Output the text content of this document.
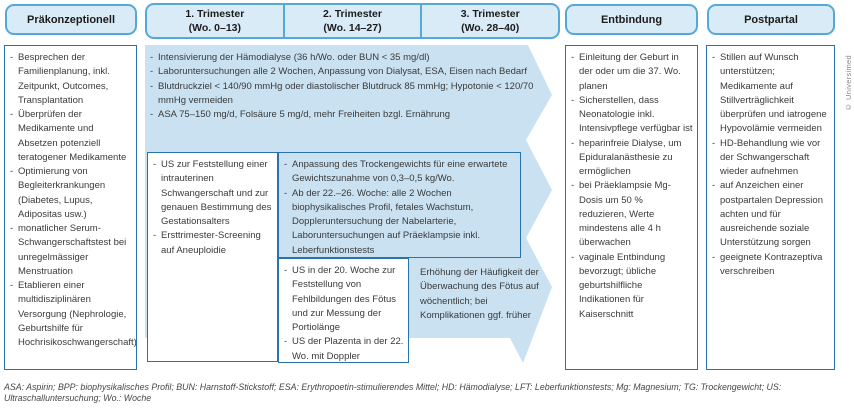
Präkonzeptionell	1. Trimester
(Wo. 0–13)
2. Trimester
(Wo. 14–27)
3. Trimester
(Wo. 28–40)
Entbindung	Postpartal
- Besprechen der Familienplanung, inkl. Zeitpunkt, Outcomes, Transplantation
- Überprüfen der Medikamente und Absetzen potenziell teratogener Medikamente
- Optimierung von Begleiterkrankungen (Diabetes, Lupus, Adipositas usw.)
- monatlicher Serum-Schwangerschaftstest bei unregelmässiger Menstruation
- Etablieren einer multidisziplinären Versorgung (Nephrologie, Geburtshilfe für Hochrisikoschwangerschaft)
- Intensivierung der Hämodialyse (36 h/Wo. oder BUN < 35 mg/dl)
- Laboruntersuchungen alle 2 Wochen, Anpassung von Dialysat, ESA, Eisen nach Bedarf
- Blutdruckziel < 140/90 mmHg oder diastolischer Blutdruck 85 mmHg; Hypotonie < 120/70 mmHg vermeiden
- ASA 75–150 mg/d, Folsäure 5 mg/d, mehr Freiheiten bzgl. Ernährung
- US zur Feststellung einer intrauterinen Schwangerschaft und zur genauen Bestimmung des Gestationsalters
- Ersttrimester-Screening auf Aneuploidie
- Anpassung des Trockengewichts für eine erwartete Gewichtszunahme von 0,3–0,5 kg/Wo.
- Ab der 22.–26. Woche: alle 2 Wochen biophysikalisches Profil, fetales Wachstum, Doppleruntersuchung der Nabelarterie, Laboruntersuchungen auf Präeklampsie inkl. Leberfunktionstests
- US in der 20. Woche zur Feststellung von Fehlbildungen des Fötus und zur Messung der Portiolänge
- US der Plazenta in der 22. Wo. mit Doppler
Erhöhung der Häufigkeit der Überwachung des Fötus auf wöchentlich; bei Komplikationen ggf. früher
- Einleitung der Geburt in der oder um die 37. Wo. planen
- Sicherstellen, dass Neonatologie inkl. Intensivpflege verfügbar ist
- heparinfreie Dialyse, um Epiduralanästhesie zu ermöglichen
- bei Präeklampsie Mg-Dosis um 50 % reduzieren, Werte mindestens alle 4 h überwachen
- vaginale Entbindung bevorzugt; übliche geburtshilfliche Indikationen für Kaiserschnitt
- Stillen auf Wunsch unterstützen; Medikamente auf Stillverträglichkeit überprüfen und iatrogene Hypovolämie vermeiden
- HD-Behandlung wie vor der Schwangerschaft wieder aufnehmen
- auf Anzeichen einer postpartalen Depression achten und für ausreichende soziale Unterstützung sorgen
- geeignete Kontrazeptiva verschreiben
© Universimed
ASA: Aspirin; BPP: biophysikalisches Profil; BUN: Harnstoff-Stickstoff; ESA: Erythropoetin-stimulierendes Mittel; HD: Hämodialyse; LFT: Leberfunktionstests; Mg: Magnesium; TG: Trockengewicht; US: Ultraschalluntersuchung; Wo.: Woche
